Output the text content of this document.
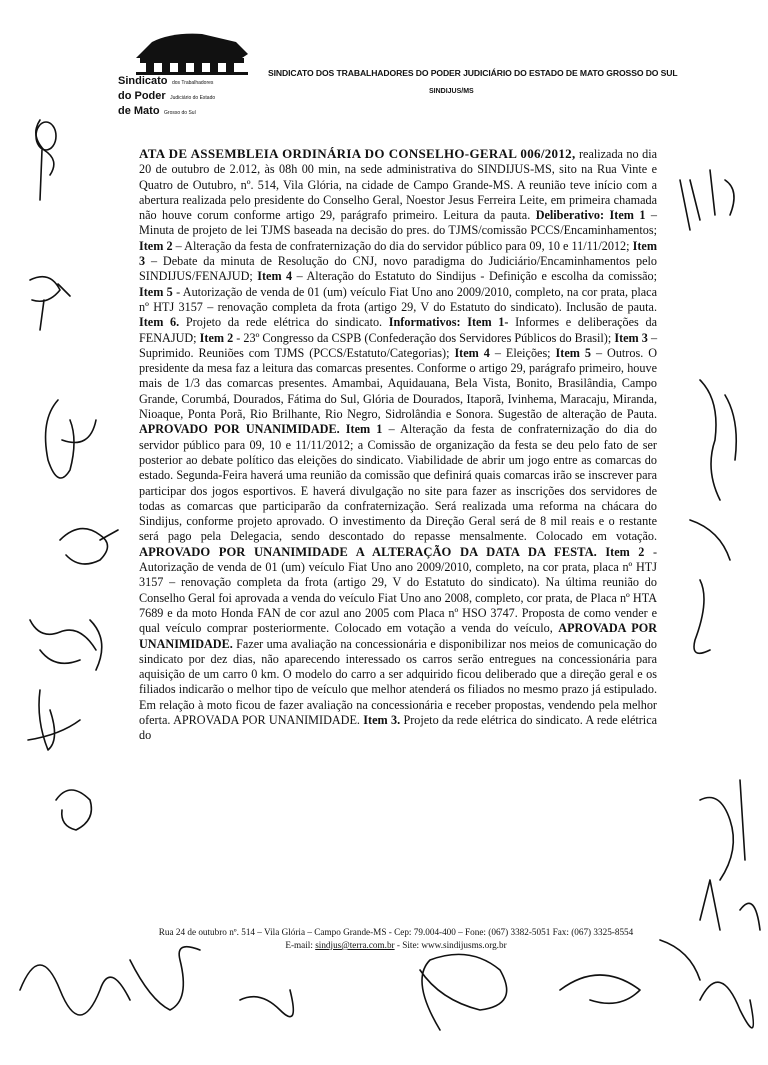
Sindicato dos Trabalhadores
do Poder Judiciário do Estado
de Mato Grosso do Sul
SINDICATO DOS TRABALHADORES DO PODER JUDICIÁRIO DO ESTADO DE MATO GROSSO DO SUL
SINDIJUS/MS

ATA DE ASSEMBLEIA ORDINÁRIA DO CONSELHO-GERAL 006/2012, realizada no dia 20 de outubro de 2.012, às 08h 00 min, na sede administrativa do SINDIJUS-MS, sito na Rua Vinte e Quatro de Outubro, nº. 514, Vila Glória, na cidade de Campo Grande-MS. A reunião teve início com a abertura realizada pelo presidente do Conselho Geral, Noestor Jesus Ferreira Leite, em primeira chamada não houve corum conforme artigo 29, parágrafo primeiro. Leitura da pauta. Deliberativo: Item 1 – Minuta de projeto de lei TJMS baseada na decisão do pres. do TJMS/comissão PCCS/Encaminhamentos; Item 2 – Alteração da festa de confraternização do dia do servidor público para 09, 10 e 11/11/2012; Item 3 – Debate da minuta de Resolução do CNJ, novo paradigma do Judiciário/Encaminhamentos pelo SINDIJUS/FENAJUD; Item 4 – Alteração do Estatuto do Sindijus - Definição e escolha da comissão; Item 5 - Autorização de venda de 01 (um) veículo Fiat Uno ano 2009/2010, completo, na cor prata, placa nº HTJ 3157 – renovação completa da frota (artigo 29, V do Estatuto do sindicato). Inclusão de pauta. Item 6. Projeto da rede elétrica do sindicato. Informativos: Item 1- Informes e deliberações da FENAJUD; Item 2 - 23º Congresso da CSPB (Confederação dos Servidores Públicos do Brasil); Item 3 – Suprimido. Reuniões com TJMS (PCCS/Estatuto/Categorias); Item 4 – Eleições; Item 5 – Outros. O presidente da mesa faz a leitura das comarcas presentes. Conforme o artigo 29, parágrafo primeiro, houve mais de 1/3 das comarcas presentes. Amambai, Aquidauana, Bela Vista, Bonito, Brasilândia, Campo Grande, Corumbá, Dourados, Fátima do Sul, Glória de Dourados, Itaporã, Ivinhema, Maracaju, Miranda, Nioaque, Ponta Porã, Rio Brilhante, Rio Negro, Sidrolândia e Sonora. Sugestão de alteração de Pauta. APROVADO POR UNANIMIDADE. Item 1 – Alteração da festa de confraternização do dia do servidor público para 09, 10 e 11/11/2012; a Comissão de organização da festa se deu pelo fato de ser posterior ao debate político das eleições do sindicato. Viabilidade de abrir um jogo entre as comarcas do estado. Segunda-Feira haverá uma reunião da comissão que definirá quais comarcas irão se inscrever para participar dos jogos esportivos. E haverá divulgação no site para fazer as inscrições dos servidores de todas as comarcas que participarão da confraternização. Será realizada uma reforma na chácara do Sindijus, conforme projeto aprovado. O investimento da Direção Geral será de 8 mil reais e o restante será pago pela Delegacia, sendo descontado do repasse mensalmente. Colocado em votação. APROVADO POR UNANIMIDADE A ALTERAÇÃO DA DATA DA FESTA. Item 2 - Autorização de venda de 01 (um) veículo Fiat Uno ano 2009/2010, completo, na cor prata, placa nº HTJ 3157 – renovação completa da frota (artigo 29, V do Estatuto do sindicato). Na última reunião do Conselho Geral foi aprovada a venda do veículo Fiat Uno ano 2008, completo, cor prata, de Placa nº HTA 7689 e da moto Honda FAN de cor azul ano 2005 com Placa nº HSO 3747. Proposta de como vender e qual veículo comprar posteriormente. Colocado em votação a venda do veículo, APROVADA POR UNANIMIDADE. Fazer uma avaliação na concessionária e disponibilizar nos meios de comunicação do sindicato por dez dias, não aparecendo interessado os carros serão entregues na concessionária para aquisição de um carro 0 km. O modelo do carro a ser adquirido ficou deliberado que a direção geral e os filiados indicarão o melhor tipo de veículo que melhor atenderá os filiados no mesmo prazo já estipulado. Em relação à moto ficou de fazer avaliação na concessionária e receber propostas, vendendo pela melhor oferta. APROVADA POR UNANIMIDADE. Item 3. Projeto da rede elétrica do sindicato. A rede elétrica do

Rua 24 de outubro nº. 514 – Vila Glória – Campo Grande-MS - Cep: 79.004-400 – Fone: (067) 3382-5051 Fax: (067) 3325-8554
E-mail: sindjus@terra.com.br - Site: www.sindijusms.org.br
